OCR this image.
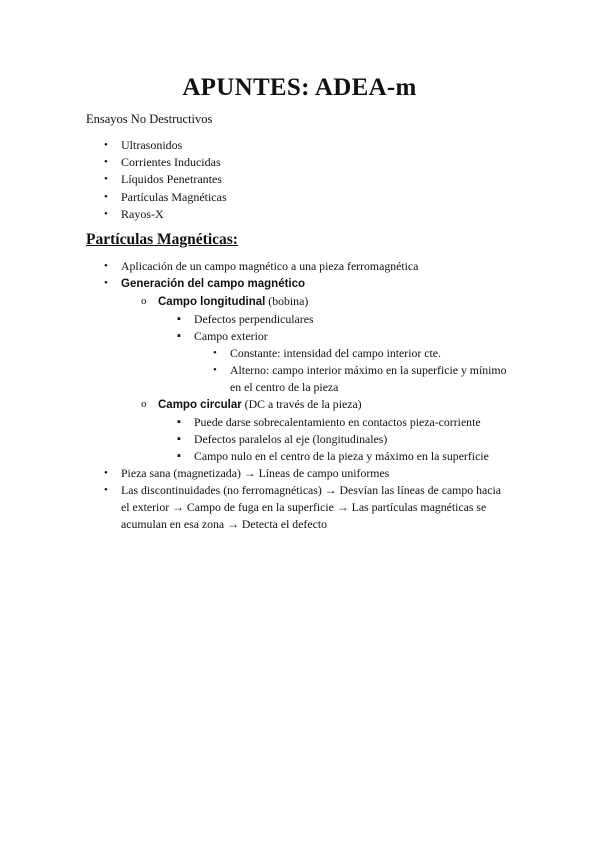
APUNTES: ADEA-m
Ensayos No Destructivos
• Ultrasonidos
• Corrientes Inducidas
• Líquidos Penetrantes
• Partículas Magnéticas
• Rayos-X
Partículas Magnéticas:
• Aplicación de un campo magnético a una pieza ferromagnética
• Generación del campo magnético
o Campo longitudinal (bobina)
▪ Defectos perpendiculares
▪ Campo exterior
• Constante: intensidad del campo interior cte.
• Alterno: campo interior máximo en la superficie y mínimo en el centro de la pieza
o Campo circular (DC a través de la pieza)
▪ Puede darse sobrecalentamiento en contactos pieza-corriente
▪ Defectos paralelos al eje (longitudinales)
▪ Campo nulo en el centro de la pieza y máximo en la superficie
• Pieza sana (magnetizada) → Líneas de campo uniformes
• Las discontinuidades (no ferromagnéticas) → Desvían las líneas de campo hacia el exterior → Campo de fuga en la superficie → Las partículas magnéticas se acumulan en esa zona → Detecta el defecto
